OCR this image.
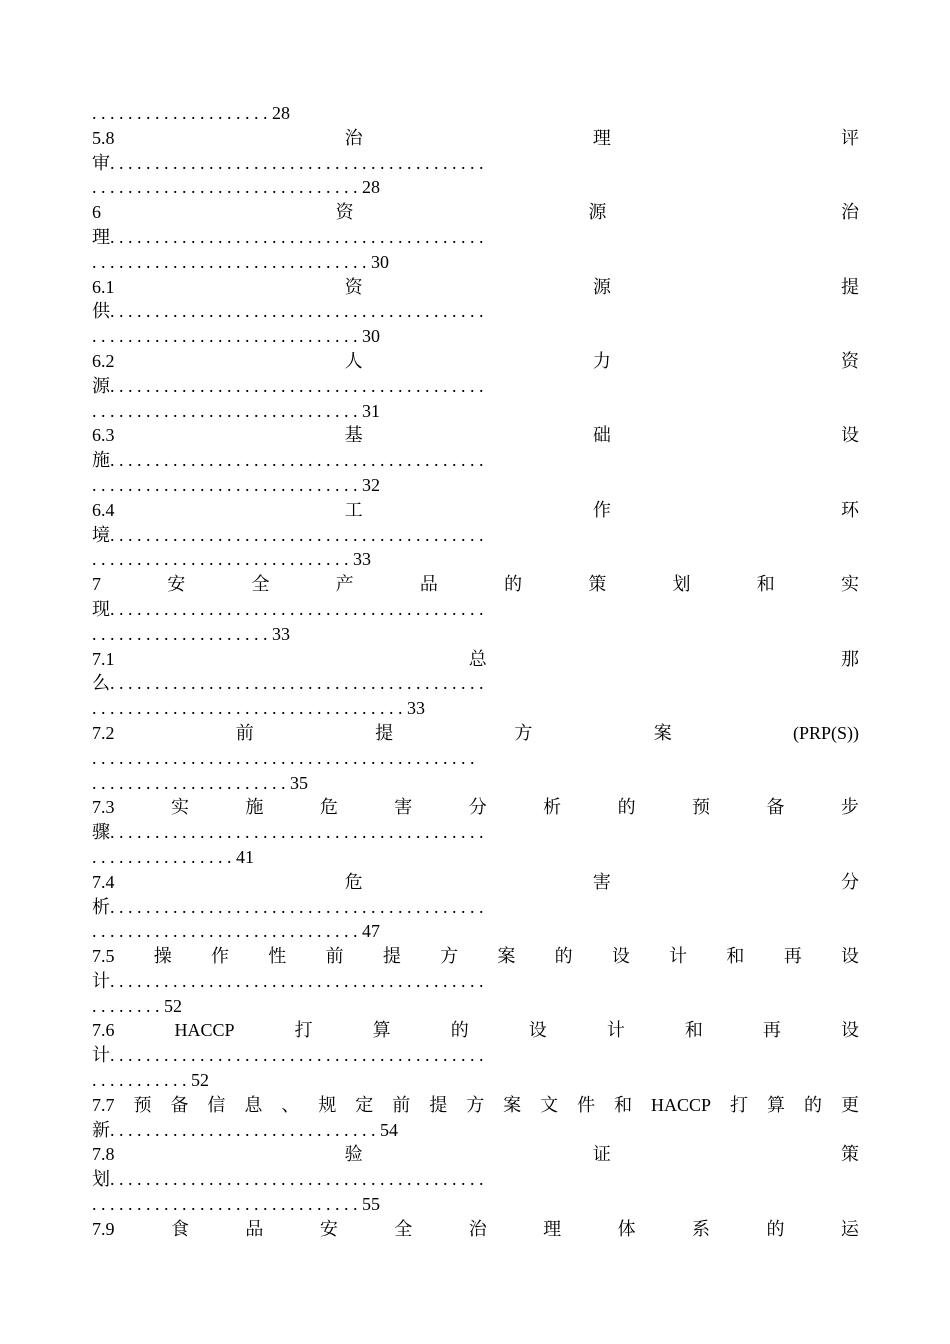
. . . . . . . . . . . . . . . . . . . . 28
5.8	治	理	评
审. . . . . . . . . . . . . . . . . . . . . . . . . . . . . . . . . . . . . . . . . .
. . . . . . . . . . . . . . . . . . . . . . . . . . . . . . 28
6	资	源	治
理. . . . . . . . . . . . . . . . . . . . . . . . . . . . . . . . . . . . . . . . . .
. . . . . . . . . . . . . . . . . . . . . . . . . . . . . . . 30
6.1	资	源	提
供. . . . . . . . . . . . . . . . . . . . . . . . . . . . . . . . . . . . . . . . . .
. . . . . . . . . . . . . . . . . . . . . . . . . . . . . . 30
6.2	人	力	资
源. . . . . . . . . . . . . . . . . . . . . . . . . . . . . . . . . . . . . . . . . .
. . . . . . . . . . . . . . . . . . . . . . . . . . . . . . 31
6.3	基	础	设
施. . . . . . . . . . . . . . . . . . . . . . . . . . . . . . . . . . . . . . . . . .
. . . . . . . . . . . . . . . . . . . . . . . . . . . . . . 32
6.4	工	作	环
境. . . . . . . . . . . . . . . . . . . . . . . . . . . . . . . . . . . . . . . . . .
. . . . . . . . . . . . . . . . . . . . . . . . . . . . . 33
7	安	全	产	品	的	策	划	和	实
现. . . . . . . . . . . . . . . . . . . . . . . . . . . . . . . . . . . . . . . . . .
. . . . . . . . . . . . . . . . . . . . 33
7.1	总	那
么. . . . . . . . . . . . . . . . . . . . . . . . . . . . . . . . . . . . . . . . . .
. . . . . . . . . . . . . . . . . . . . . . . . . . . . . . . . . . . 33
7.2	前	提	方	案	(PRP(S))
. . . . . . . . . . . . . . . . . . . . . . . . . . . . . . . . . . . . . . . . . . .
. . . . . . . . . . . . . . . . . . . . . . 35
7.3	实	施	危	害	分	析	的	预	备	步
骤. . . . . . . . . . . . . . . . . . . . . . . . . . . . . . . . . . . . . . . . . .
. . . . . . . . . . . . . . . . 41
7.4	危	害	分
析. . . . . . . . . . . . . . . . . . . . . . . . . . . . . . . . . . . . . . . . . .
. . . . . . . . . . . . . . . . . . . . . . . . . . . . . . 47
7.5 操 作 性 前 提 方 案 的 设 计 和 再 设
计. . . . . . . . . . . . . . . . . . . . . . . . . . . . . . . . . . . . . . . . . .
. . . . . . . . 52
7.6	HACCP	打	算	的	设	计	和	再	设
计. . . . . . . . . . . . . . . . . . . . . . . . . . . . . . . . . . . . . . . . . .
. . . . . . . . . . . 52
7.7 预 备 信 息 、 规 定 前 提 方 案 文 件 和 HACCP 打 算 的 更
新. . . . . . . . . . . . . . . . . . . . . . . . . . . . . . 54
7.8	验	证	策
划. . . . . . . . . . . . . . . . . . . . . . . . . . . . . . . . . . . . . . . . . .
. . . . . . . . . . . . . . . . . . . . . . . . . . . . . . 55
7.9	食	品	安	全	治	理	体	系	的	运
